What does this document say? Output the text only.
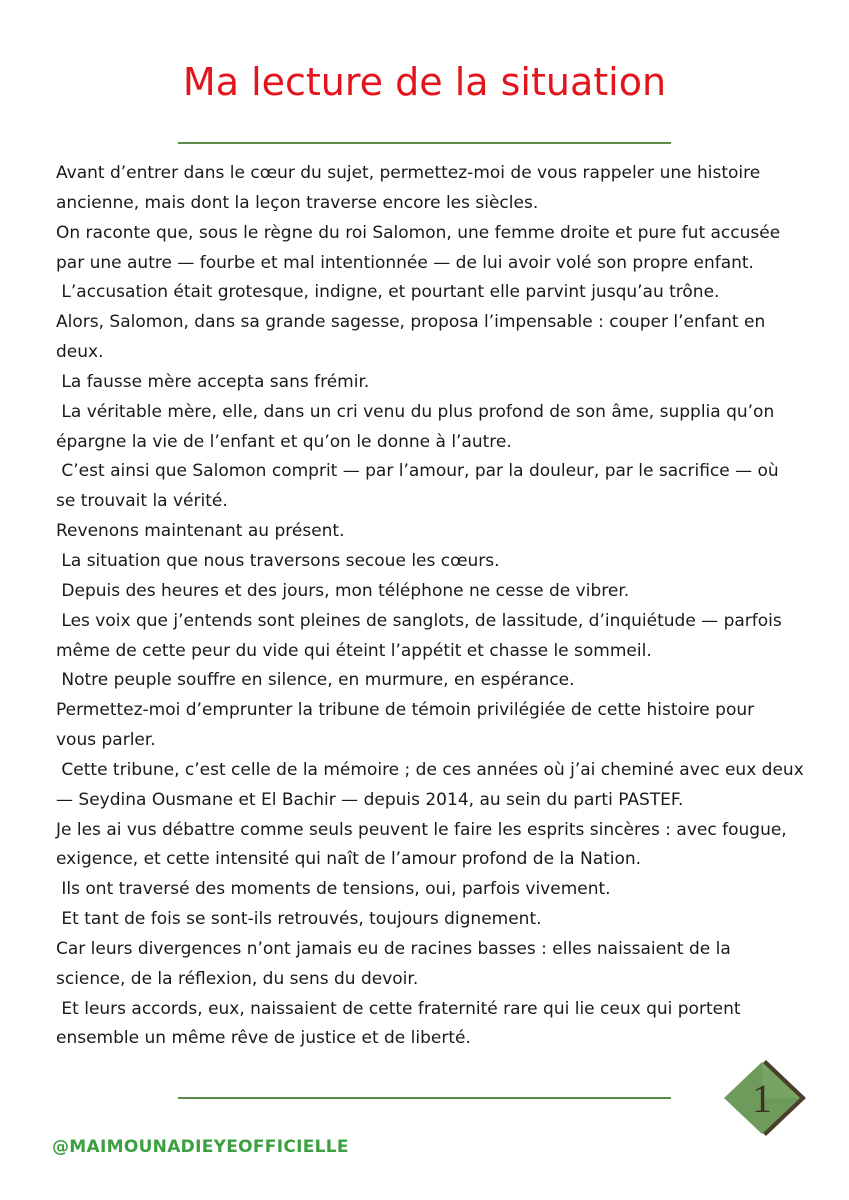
Ma lecture de la situation
Avant d’entrer dans le cœur du sujet, permettez-moi de vous rappeler une histoire
ancienne, mais dont la leçon traverse encore les siècles.
On raconte que, sous le règne du roi Salomon, une femme droite et pure fut accusée
par une autre — fourbe et mal intentionnée — de lui avoir volé son propre enfant.
L’accusation était grotesque, indigne, et pourtant elle parvint jusqu’au trône.
Alors, Salomon, dans sa grande sagesse, proposa l’impensable : couper l’enfant en
deux.
La fausse mère accepta sans frémir.
La véritable mère, elle, dans un cri venu du plus profond de son âme, supplia qu’on
épargne la vie de l’enfant et qu’on le donne à l’autre.
C’est ainsi que Salomon comprit — par l’amour, par la douleur, par le sacrifice — où
se trouvait la vérité.
Revenons maintenant au présent.
La situation que nous traversons secoue les cœurs.
Depuis des heures et des jours, mon téléphone ne cesse de vibrer.
Les voix que j’entends sont pleines de sanglots, de lassitude, d’inquiétude — parfois
même de cette peur du vide qui éteint l’appétit et chasse le sommeil.
Notre peuple souffre en silence, en murmure, en espérance.
Permettez-moi d’emprunter la tribune de témoin privilégiée de cette histoire pour
vous parler.
Cette tribune, c’est celle de la mémoire ; de ces années où j’ai cheminé avec eux deux
— Seydina Ousmane et El Bachir — depuis 2014, au sein du parti PASTEF.
Je les ai vus débattre comme seuls peuvent le faire les esprits sincères : avec fougue,
exigence, et cette intensité qui naît de l’amour profond de la Nation.
Ils ont traversé des moments de tensions, oui, parfois vivement.
Et tant de fois se sont-ils retrouvés, toujours dignement.
Car leurs divergences n’ont jamais eu de racines basses : elles naissaient de la
science, de la réflexion, du sens du devoir.
Et leurs accords, eux, naissaient de cette fraternité rare qui lie ceux qui portent
ensemble un même rêve de justice et de liberté.
1
@MAIMOUNADIEYEOFFICIELLE
